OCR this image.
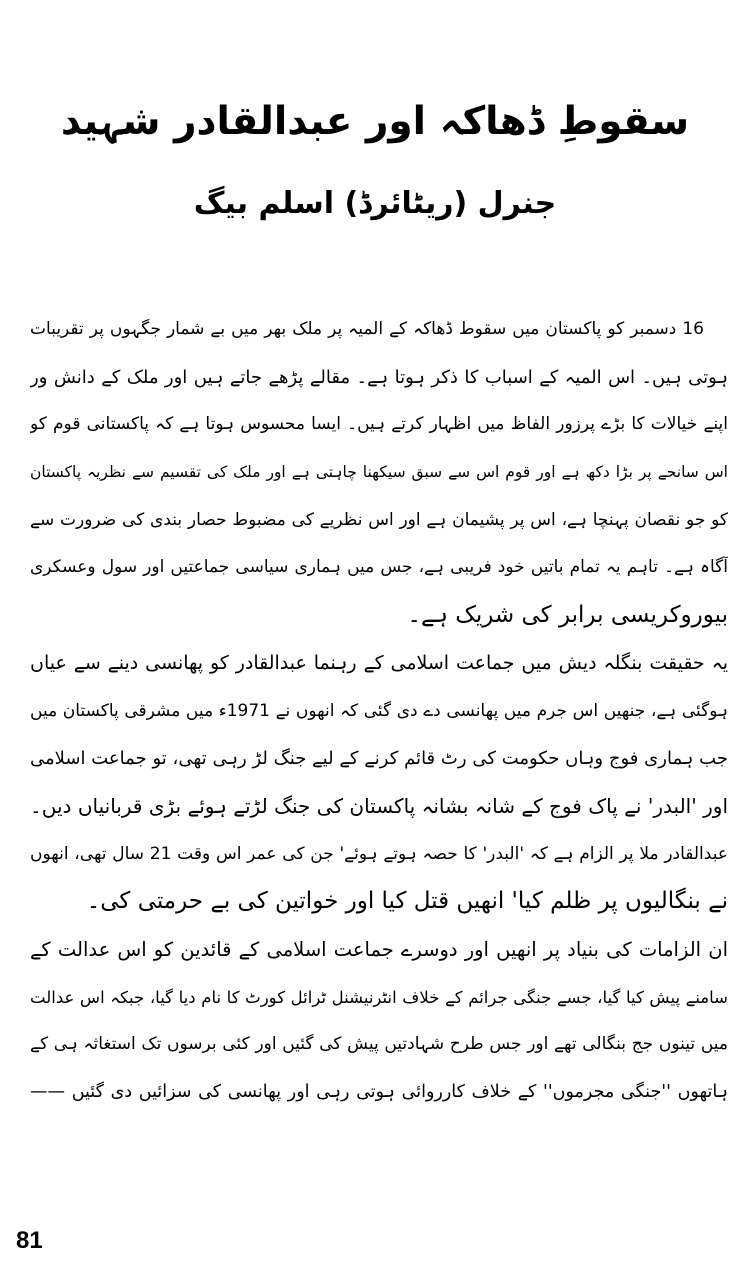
سقوطِ ڈھاکہ اور عبدالقادر شہید
جنرل (ریٹائرڈ) اسلم بیگ
16 دسمبر کو پاکستان میں سقوط ڈھاکہ کے المیہ پر ملک بھر میں بے شمار جگہوں پر تقریبات
ہوتی ہیں۔ اس المیہ کے اسباب کا ذکر ہوتا ہے۔ مقالے پڑھے جاتے ہیں اور ملک کے دانش ور
اپنے خیالات کا بڑے پرزور الفاظ میں اظہار کرتے ہیں۔ ایسا محسوس ہوتا ہے کہ پاکستانی قوم کو
اس سانحے پر بڑا دکھ ہے اور قوم اس سے سبق سیکھنا چاہتی ہے اور ملک کی تقسیم سے نظریہ پاکستان
کو جو نقصان پہنچا ہے، اس پر پشیمان ہے اور اس نظریے کی مضبوط حصار بندی کی ضرورت سے
آگاہ ہے۔ تاہم یہ تمام باتیں خود فریبی ہے، جس میں ہماری سیاسی جماعتیں اور سول وعسکری
بیوروکریسی برابر کی شریک ہے۔
یہ حقیقت بنگلہ دیش میں جماعت اسلامی کے رہنما عبدالقادر کو پھانسی دینے سے عیاں
ہوگئی ہے، جنھیں اس جرم میں پھانسی دے دی گئی کہ انھوں نے 1971ء میں مشرقی پاکستان میں
جب ہماری فوج وہاں حکومت کی رٹ قائم کرنے کے لیے جنگ لڑ رہی تھی، تو جماعت اسلامی
اور 'البدر' نے پاک فوج کے شانہ بشانہ پاکستان کی جنگ لڑتے ہوئے بڑی قربانیاں دیں۔
عبدالقادر ملا پر الزام ہے کہ 'البدر' کا حصہ ہوتے ہوئے' جن کی عمر اس وقت 21 سال تھی، انھوں
نے بنگالیوں پر ظلم کیا' انھیں قتل کیا اور خواتین کی بے حرمتی کی۔
ان الزامات کی بنیاد پر انھیں اور دوسرے جماعت اسلامی کے قائدین کو اس عدالت کے
سامنے پیش کیا گیا، جسے جنگی جرائم کے خلاف انٹرنیشنل ٹرائل کورٹ کا نام دیا گیا، جبکہ اس عدالت
میں تینوں جج بنگالی تھے اور جس طرح شہادتیں پیش کی گئیں اور کئی برسوں تک استغاثہ ہی کے
ہاتھوں ''جنگی مجرموں'' کے خلاف کارروائی ہوتی رہی اور پھانسی کی سزائیں دی گئیں ——
81
